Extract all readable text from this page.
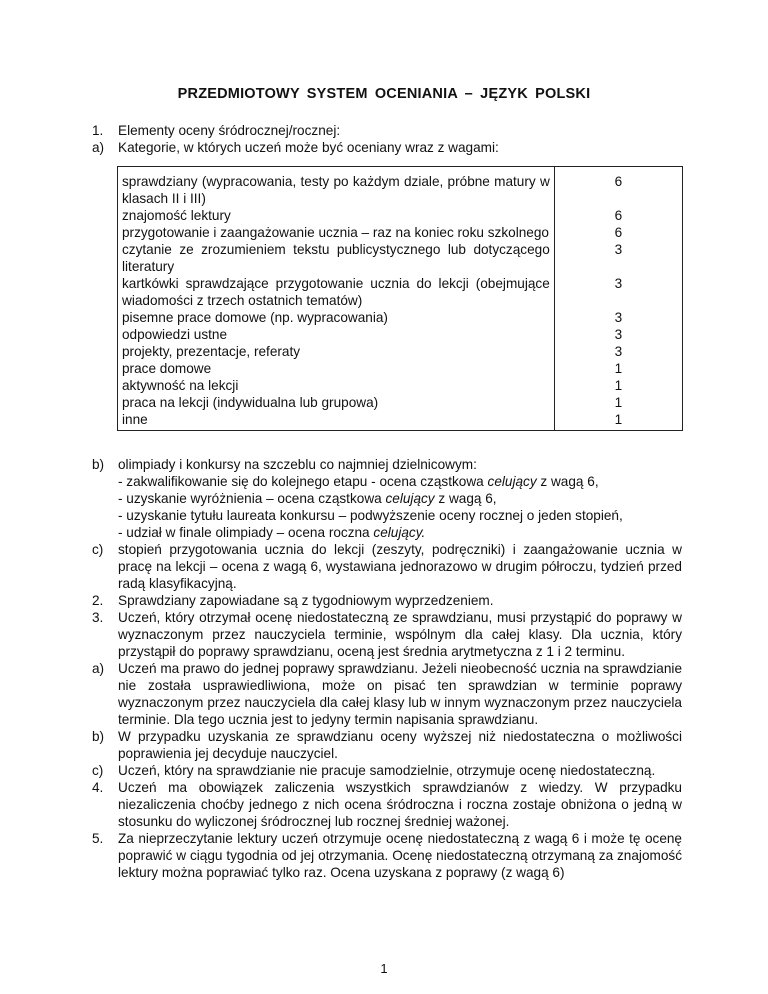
PRZEDMIOTOWY SYSTEM OCENIANIA – JĘZYK POLSKI
1. Elementy oceny śródrocznej/rocznej:
a) Kategorie, w których uczeń może być oceniany wraz z wagami:
sprawdziany (wypracowania, testy po każdym dziale, próbne matury w klasach II i III)	6
znajomość lektury	6
przygotowanie i zaangażowanie ucznia – raz na koniec roku szkolnego	6
czytanie ze zrozumieniem tekstu publicystycznego lub dotyczącego literatury	3
kartkówki sprawdzające przygotowanie ucznia do lekcji (obejmujące wiadomości z trzech ostatnich tematów)	3
pisemne prace domowe (np. wypracowania)	3
odpowiedzi ustne	3
projekty, prezentacje, referaty	3
prace domowe	1
aktywność na lekcji	1
praca na lekcji (indywidualna lub grupowa)	1
inne	1
b) olimpiady i konkursy na szczeblu co najmniej dzielnicowym:
- zakwalifikowanie się do kolejnego etapu - ocena cząstkowa celujący z wagą 6,
- uzyskanie wyróżnienia – ocena cząstkowa celujący z wagą 6,
- uzyskanie tytułu laureata konkursu – podwyższenie oceny rocznej o jeden stopień,
- udział w finale olimpiady – ocena roczna celujący.
c) stopień przygotowania ucznia do lekcji (zeszyty, podręczniki) i zaangażowanie ucznia w pracę na lekcji – ocena z wagą 6, wystawiana jednorazowo w drugim półroczu, tydzień przed radą klasyfikacyjną.
2. Sprawdziany zapowiadane są z tygodniowym wyprzedzeniem.
3. Uczeń, który otrzymał ocenę niedostateczną ze sprawdzianu, musi przystąpić do poprawy w wyznaczonym przez nauczyciela terminie, wspólnym dla całej klasy. Dla ucznia, który przystąpił do poprawy sprawdzianu, oceną jest średnia arytmetyczna z 1 i 2 terminu.
a) Uczeń ma prawo do jednej poprawy sprawdzianu. Jeżeli nieobecność ucznia na sprawdzianie nie została usprawiedliwiona, może on pisać ten sprawdzian w terminie poprawy wyznaczonym przez nauczyciela dla całej klasy lub w innym wyznaczonym przez nauczyciela terminie. Dla tego ucznia jest to jedyny termin napisania sprawdzianu.
b) W przypadku uzyskania ze sprawdzianu oceny wyższej niż niedostateczna o możliwości poprawienia jej decyduje nauczyciel.
c) Uczeń, który na sprawdzianie nie pracuje samodzielnie, otrzymuje ocenę niedostateczną.
4. Uczeń ma obowiązek zaliczenia wszystkich sprawdzianów z wiedzy. W przypadku niezaliczenia choćby jednego z nich ocena śródroczna i roczna zostaje obniżona o jedną w stosunku do wyliczonej śródrocznej lub rocznej średniej ważonej.
5. Za nieprzeczytanie lektury uczeń otrzymuje ocenę niedostateczną z wagą 6 i może tę ocenę poprawić w ciągu tygodnia od jej otrzymania. Ocenę niedostateczną otrzymaną za znajomość lektury można poprawiać tylko raz. Ocena uzyskana z poprawy (z wagą 6)
1
